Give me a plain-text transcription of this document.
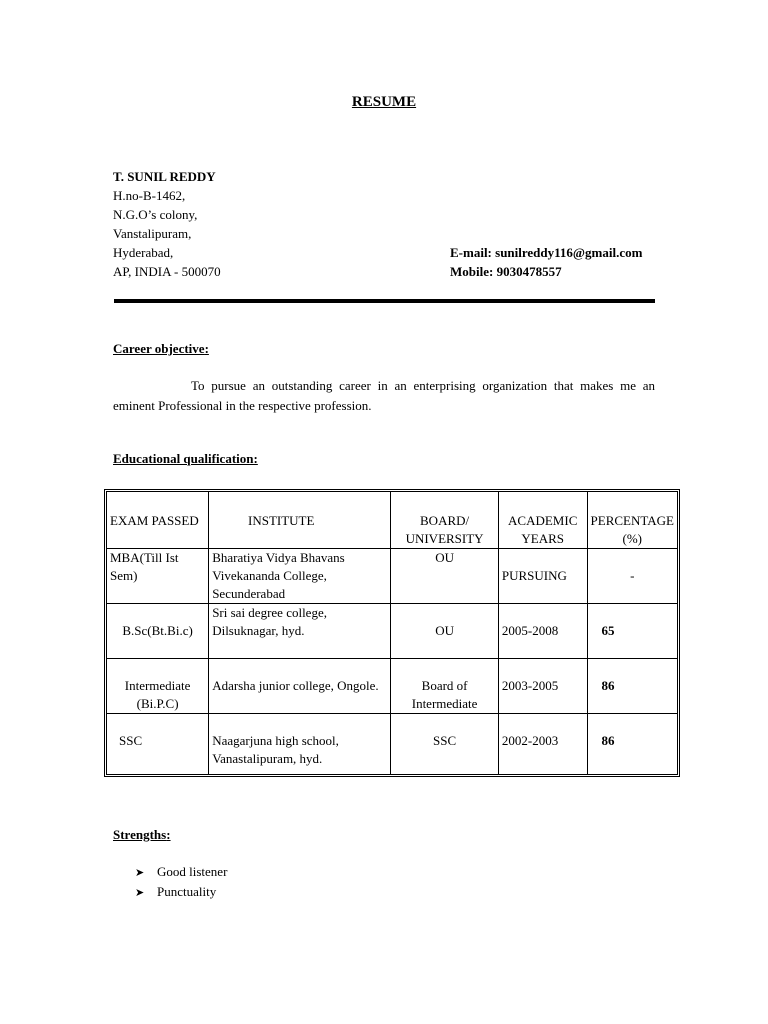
RESUME
T. SUNIL REDDY
H.no-B-1462,
N.G.O’s colony,
Vanstalipuram,
Hyderabad,
AP, INDIA - 500070
E-mail: sunilreddy116@gmail.com
Mobile: 9030478557
Career objective:
To pursue an outstanding career in an enterprising organization that makes me an eminent Professional in the respective profession.
Educational qualification:
EXAM PASSED	INSTITUTE	BOARD/ UNIVERSITY	ACADEMIC YEARS	PERCENTAGE (%)
MBA(Till Ist Sem)	Bharatiya Vidya Bhavans Vivekananda College, Secunderabad	OU	PURSUING	-
B.Sc(Bt.Bi.c)	Sri sai degree college, Dilsuknagar, hyd.	OU	2005-2008	65
Intermediate (Bi.P.C)	Adarsha junior college, Ongole.	Board of Intermediate	2003-2005	86
SSC	Naagarjuna high school, Vanastalipuram, hyd.	SSC	2002-2003	86
Strengths:
➤ Good listener
➤ Punctuality
